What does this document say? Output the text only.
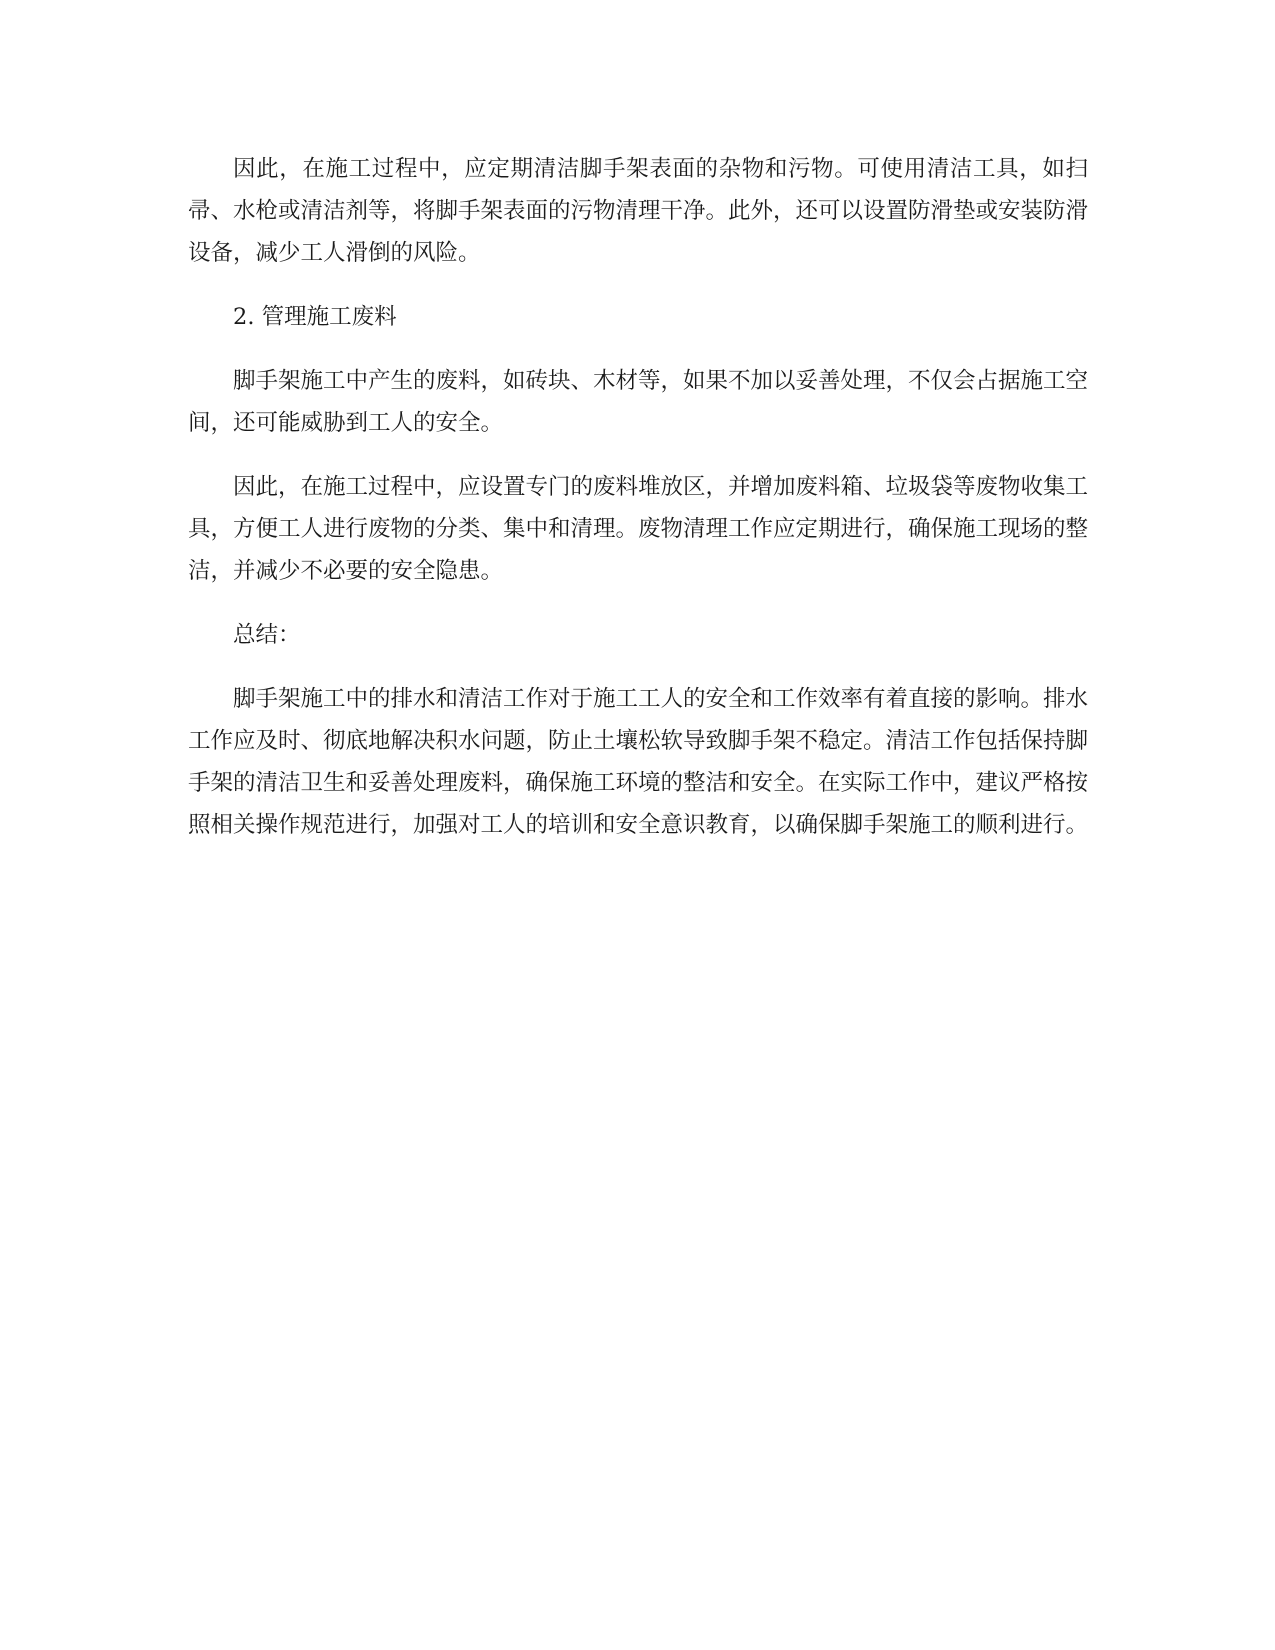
因此，在施工过程中，应定期清洁脚手架表面的杂物和污物。可使用清洁工具，如扫帚、水枪或清洁剂等，将脚手架表面的污物清理干净。此外，还可以设置防滑垫或安装防滑设备，减少工人滑倒的风险。

2. 管理施工废料

脚手架施工中产生的废料，如砖块、木材等，如果不加以妥善处理，不仅会占据施工空间，还可能威胁到工人的安全。

因此，在施工过程中，应设置专门的废料堆放区，并增加废料箱、垃圾袋等废物收集工具，方便工人进行废物的分类、集中和清理。废物清理工作应定期进行，确保施工现场的整洁，并减少不必要的安全隐患。

总结：

脚手架施工中的排水和清洁工作对于施工工人的安全和工作效率有着直接的影响。排水工作应及时、彻底地解决积水问题，防止土壤松软导致脚手架不稳定。清洁工作包括保持脚手架的清洁卫生和妥善处理废料，确保施工环境的整洁和安全。在实际工作中，建议严格按照相关操作规范进行，加强对工人的培训和安全意识教育，以确保脚手架施工的顺利进行。
